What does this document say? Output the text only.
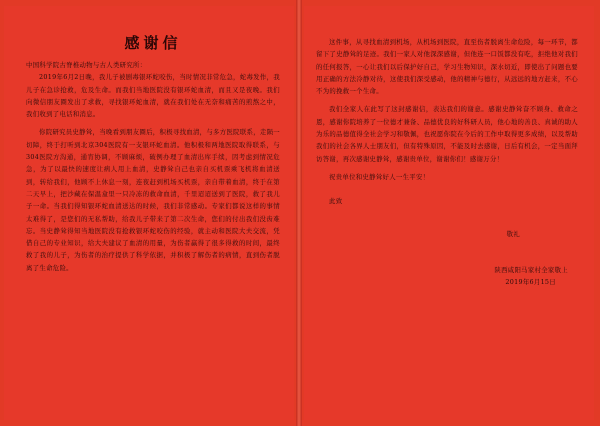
感谢信

中国科学院古脊椎动物与古人类研究所：

2019年6月2日晚，我儿子被剧毒银环蛇咬伤，当时情况非常危急，蛇毒发作，我儿子在急诊抢救，危及生命。而我们当地医院没有银环蛇血清，而且又是夜晚。我们向微信朋友圈发出了求救，寻找银环蛇血清，就在我们处在无奈和痛苦的煎熬之中，我们收到了电话和消息。

你院研究员史静耸，当晚看到朋友圈后，积极寻找血清，与多方医院联系，走陨一切障，终于打听到北京304医院有一支银环蛇血清。他积极和两地医院取得联系，与304医院方沟通，通宵协调，不顾麻烦，破例办理了血清出库手续，因考虑到情况危急，为了以最快的速度让病人用上血清，史静耸自己也亲自买机票乘飞机将血清送到，转给我们，他顾不上休息一刻，连夜赶到机场买机票，亲自带着血清，终于在第二天早上，把沙藏在保温盒里一只冷冻的救命血清，千里迢迢送到了医院，救了我儿子一命。当我们得知银环蛇血清送达的时候，我们非常感动。专家们都说这样的事情太难得了，是您们的无私帮助，给我儿子带来了第二次生命，您们的付出我们没齿难忘。当史静耸得知当地医院没有抢救银环蛇咬伤的经验，就主动和医院大夫交流，凭借自己的专业知识，给大夫建议了血清的用量，为伤者赢得了很多得救的时间，最终救了我的儿子，为伤者的治疗提供了科学依据，并积极了解伤者的病情，直到伤者脱离了生命危险。

这件事，从寻找血清到机场，从机场到医院，直至伤者脱离生命危险，每一环节，都留下了史静耸的足迹。我们一家人对他深深感谢，但他连一口饭都没有吃，拒绝他对我们的任何报答，一心让我们以后保护好自己，学习生物知识，深水切近，即使出了问题也要用正确的方法冷静对待，这使我们深受感动，他的精神与德行，从远远的地方赶来，不心不为的挽救一个生命。

我们全家人在此写了这封感谢信，表达我们的谢意。感谢史静耸奋不顾身、救命之恩，感谢你院培养了一位德才兼备、品德优良的好科研人员，他心地的善良、真诚的助人为乐的品德值得全社会学习和敬佩，也祝愿你院在今后的工作中取得更多成绩，以及帮助我们的社会各界人士朋友们，但有特殊原因，不能及时去感谢，日后有机会，一定当面拜访答谢，再次感谢史静耸，感谢贵单位，谢谢你们！感谢万分！

祝贵单位和史静耸好人一生平安！

此致

敬礼

陕西咸阳马家村全家敬上

2019年6月15日
